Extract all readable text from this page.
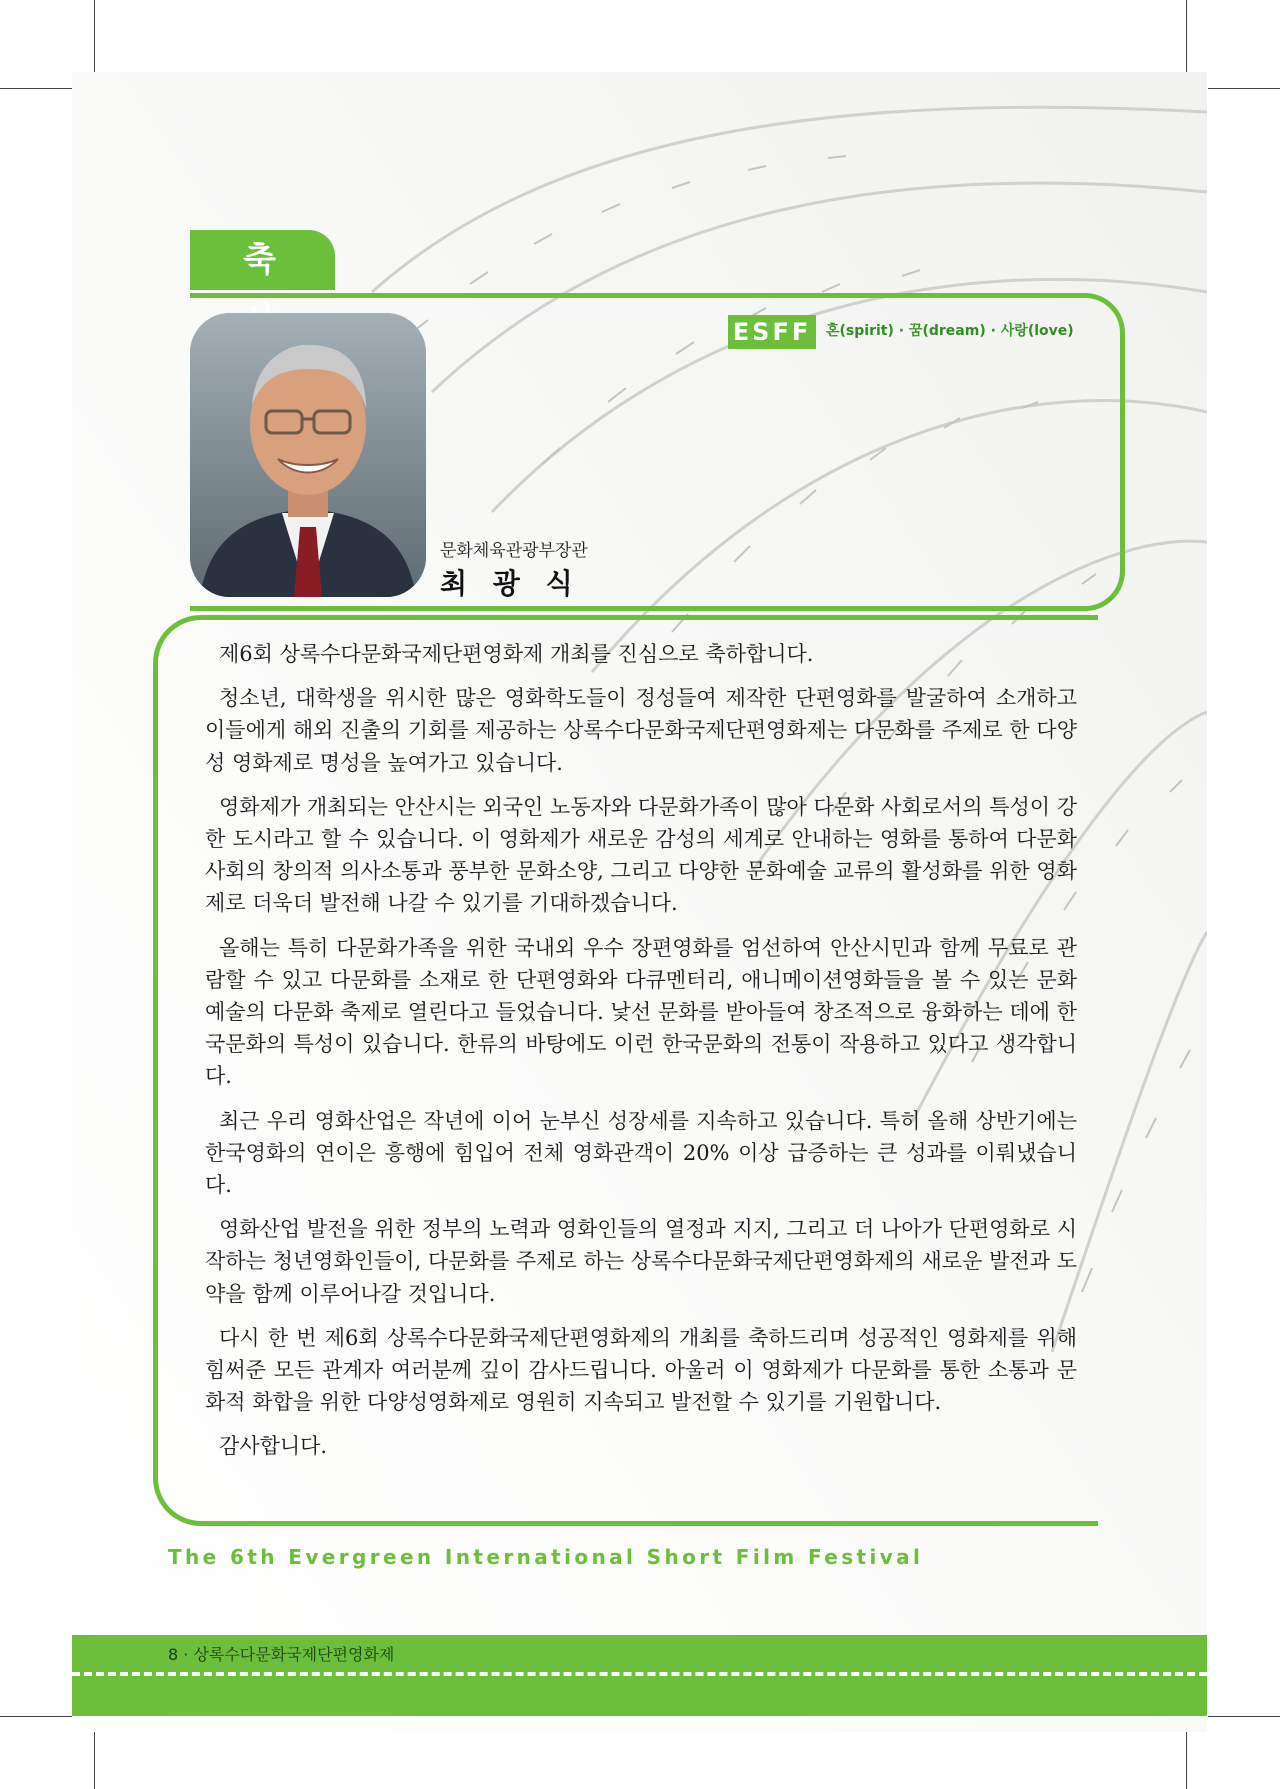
축
ESFF	혼(spirit) · 꿈(dream) · 사랑(love)
문화체육관광부장관
최 광 식

제6회 상록수다문화국제단편영화제 개최를 진심으로 축하합니다.

청소년, 대학생을 위시한 많은 영화학도들이 정성들여 제작한 단편영화를 발굴하여 소개하고 이들에게 해외 진출의 기회를 제공하는 상록수다문화국제단편영화제는 다문화를 주제로 한 다양성 영화제로 명성을 높여가고 있습니다.

영화제가 개최되는 안산시는 외국인 노동자와 다문화가족이 많아 다문화 사회로서의 특성이 강한 도시라고 할 수 있습니다. 이 영화제가 새로운 감성의 세계로 안내하는 영화를 통하여 다문화사회의 창의적 의사소통과 풍부한 문화소양, 그리고 다양한 문화예술 교류의 활성화를 위한 영화제로 더욱더 발전해 나갈 수 있기를 기대하겠습니다.

올해는 특히 다문화가족을 위한 국내외 우수 장편영화를 엄선하여 안산시민과 함께 무료로 관람할 수 있고 다문화를 소재로 한 단편영화와 다큐멘터리, 애니메이션영화들을 볼 수 있는 문화예술의 다문화 축제로 열린다고 들었습니다. 낯선 문화를 받아들여 창조적으로 융화하는 데에 한국문화의 특성이 있습니다. 한류의 바탕에도 이런 한국문화의 전통이 작용하고 있다고 생각합니다.

최근 우리 영화산업은 작년에 이어 눈부신 성장세를 지속하고 있습니다. 특히 올해 상반기에는 한국영화의 연이은 흥행에 힘입어 전체 영화관객이 20% 이상 급증하는 큰 성과를 이뤄냈습니다.

영화산업 발전을 위한 정부의 노력과 영화인들의 열정과 지지, 그리고 더 나아가 단편영화로 시작하는 청년영화인들이, 다문화를 주제로 하는 상록수다문화국제단편영화제의 새로운 발전과 도약을 함께 이루어나갈 것입니다.

다시 한 번 제6회 상록수다문화국제단편영화제의 개최를 축하드리며 성공적인 영화제를 위해 힘써준 모든 관계자 여러분께 깊이 감사드립니다. 아울러 이 영화제가 다문화를 통한 소통과 문화적 화합을 위한 다양성영화제로 영원히 지속되고 발전할 수 있기를 기원합니다.

감사합니다.

The 6th Evergreen International Short Film Festival
8 · 상록수다문화국제단편영화제
